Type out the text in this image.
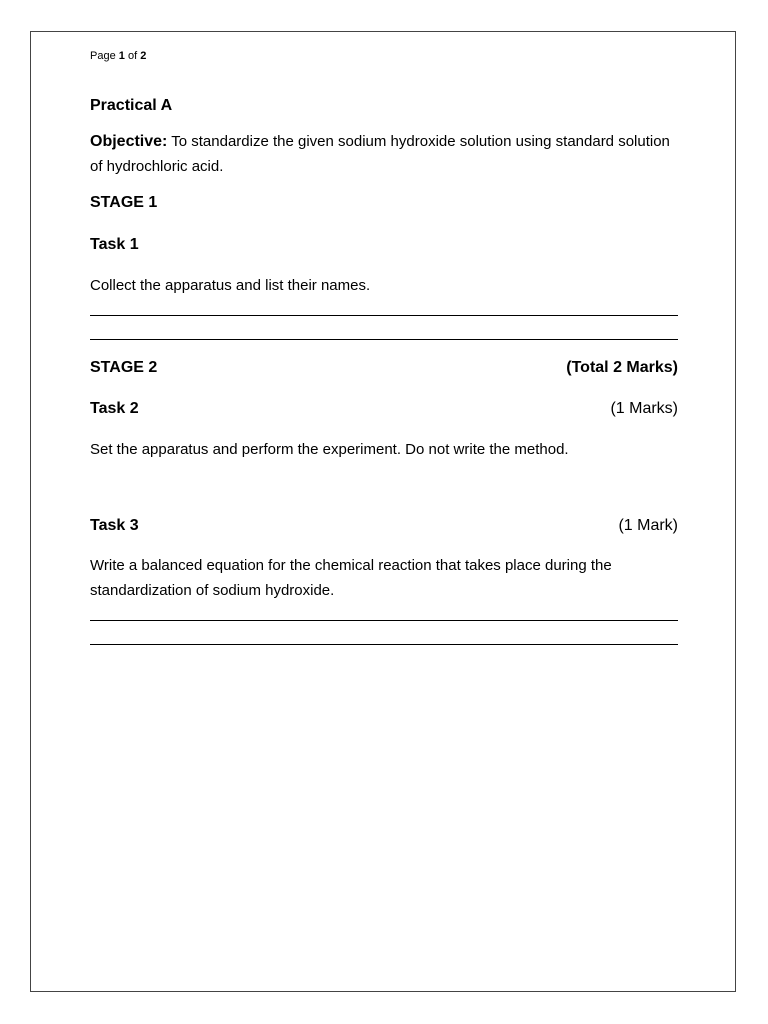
Page 1 of 2

Practical A

Objective: To standardize the given sodium hydroxide solution using standard solution of hydrochloric acid.

STAGE 1
Task 1

Collect the apparatus and list their names.

STAGE 2	(Total 2 Marks)
Task 2	(1 Marks)

Set the apparatus and perform the experiment. Do not write the method.

Task 3	(1 Mark)

Write a balanced equation for the chemical reaction that takes place during the standardization of sodium hydroxide.
